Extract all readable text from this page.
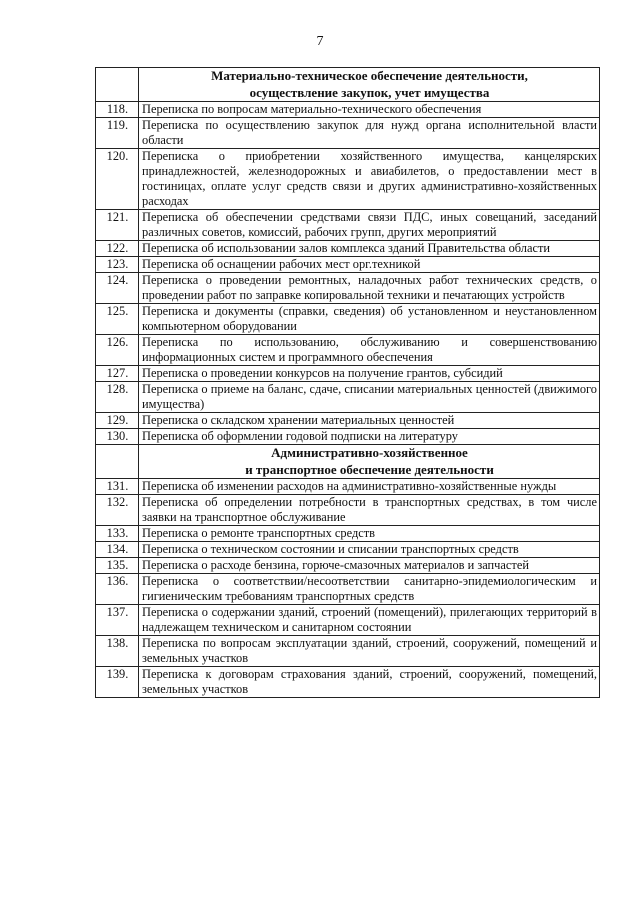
7

	Материально-техническое обеспечение деятельности,
осуществление закупок, учет имущества

118.	Переписка по вопросам материально-технического обеспечения
119.	Переписка по осуществлению закупок для нужд органа исполнительной власти области
120.	Переписка о приобретении хозяйственного имущества, канцелярских принадлежностей, железнодорожных и авиабилетов, о предоставлении мест в гостиницах, оплате услуг средств связи и других административно-хозяйственных расходах
121.	Переписка об обеспечении средствами связи ПДС, иных совещаний, заседаний различных советов, комиссий, рабочих групп, других мероприятий
122.	Переписка об использовании залов комплекса зданий Правительства области
123.	Переписка об оснащении рабочих мест орг.техникой
124.	Переписка о проведении ремонтных, наладочных работ технических средств, о проведении работ по заправке копировальной техники и печатающих устройств
125.	Переписка и документы (справки, сведения) об установленном и неустановленном компьютерном оборудовании
126.	Переписка по использованию, обслуживанию и совершенствованию информационных систем и программного обеспечения
127.	Переписка о проведении конкурсов на получение грантов, субсидий
128.	Переписка о приеме на баланс, сдаче, списании материальных ценностей (движимого имущества)
129.	Переписка о складском хранении материальных ценностей
130.	Переписка об оформлении годовой подписки на литературу

	Административно-хозяйственное
и транспортное обеспечение деятельности

131.	Переписка об изменении расходов на административно-хозяйственные нужды
132.	Переписка об определении потребности в транспортных средствах, в том числе заявки на транспортное обслуживание
133.	Переписка о ремонте транспортных средств
134.	Переписка о техническом состоянии и списании транспортных средств
135.	Переписка о расходе бензина, горюче-смазочных материалов и запчастей
136.	Переписка о соответствии/несоответствии санитарно-эпидемиологическим и гигиеническим требованиям транспортных средств
137.	Переписка о содержании зданий, строений (помещений), прилегающих территорий в надлежащем техническом и санитарном состоянии
138.	Переписка по вопросам эксплуатации зданий, строений, сооружений, помещений и земельных участков
139.	Переписка к договорам страхования зданий, строений, сооружений, помещений, земельных участков
